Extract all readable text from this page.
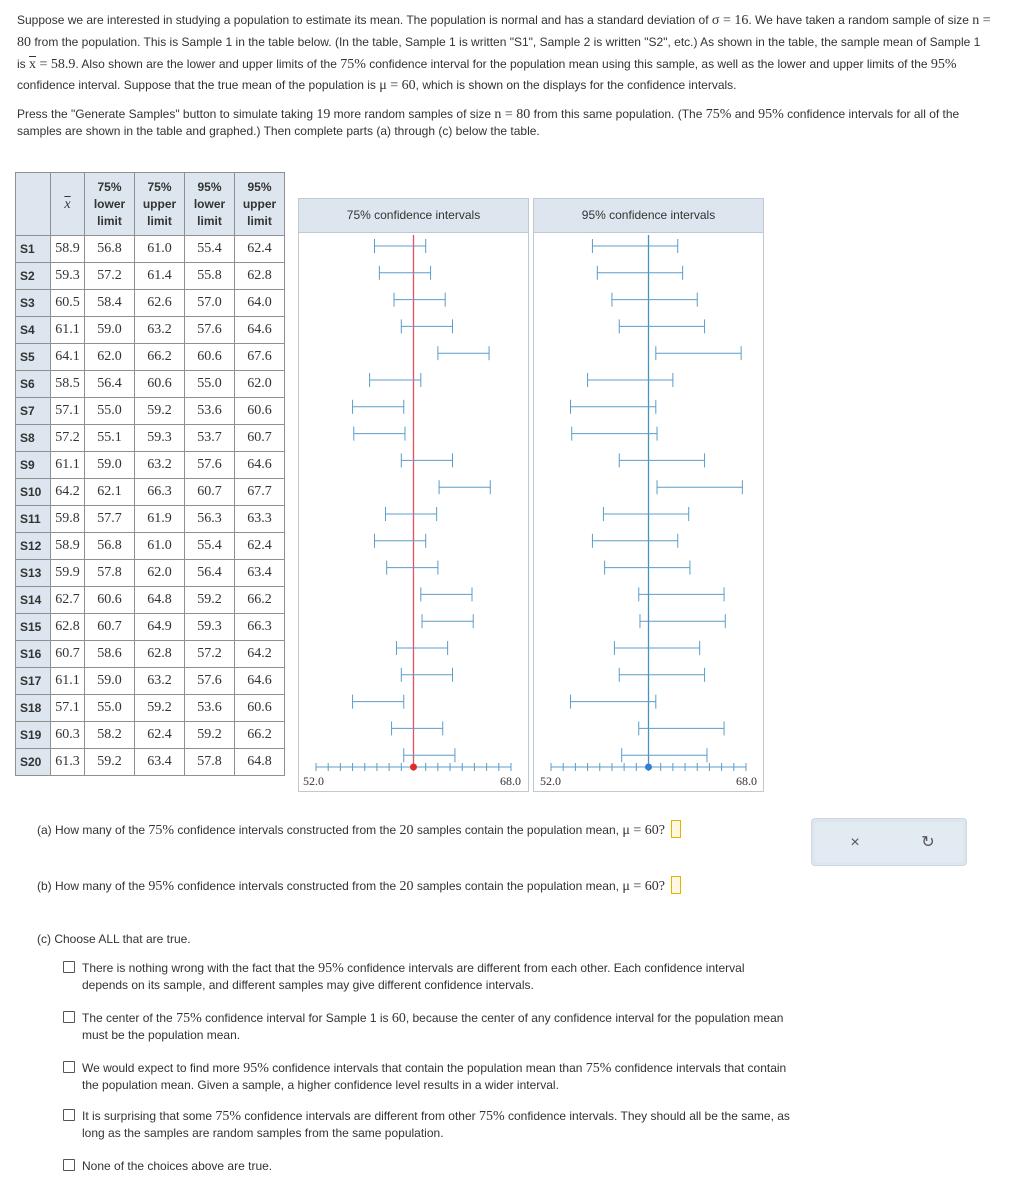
Suppose we are interested in studying a population to estimate its mean. The population is normal and has a standard deviation of σ = 16. We have taken a random sample of size n = 80 from the population. This is Sample 1 in the table below. (In the table, Sample 1 is written "S1", Sample 2 is written "S2", etc.) As shown in the table, the sample mean of Sample 1 is $\overline{x} = 58.9$. Also shown are the lower and upper limits of the 75% confidence interval for the population mean using this sample, as well as the lower and upper limits of the 95% confidence interval. Suppose that the true mean of the population is μ = 60, which is shown on the displays for the confidence intervals.

Press the "Generate Samples" button to simulate taking 19 more random samples of size n = 80 from this same population. (The 75% and 95% confidence intervals for all of the samples are shown in the table and graphed.) Then complete parts (a) through (c) below the table.

	$\overline{x}$	75%
lower
limit	75%
upper
limit	95%
lower
limit	95%
upper
limit
S1	58.9	56.8	61.0	55.4	62.4
S2	59.3	57.2	61.4	55.8	62.8
S3	60.5	58.4	62.6	57.0	64.0
S4	61.1	59.0	63.2	57.6	64.6
S5	64.1	62.0	66.2	60.6	67.6
S6	58.5	56.4	60.6	55.0	62.0
S7	57.1	55.0	59.2	53.6	60.6
S8	57.2	55.1	59.3	53.7	60.7
S9	61.1	59.0	63.2	57.6	64.6
S10	64.2	62.1	66.3	60.7	67.7
S11	59.8	57.7	61.9	56.3	63.3
S12	58.9	56.8	61.0	55.4	62.4
S13	59.9	57.8	62.0	56.4	63.4
S14	62.7	60.6	64.8	59.2	66.2
S15	62.8	60.7	64.9	59.3	66.3
S16	60.7	58.6	62.8	57.2	64.2
S17	61.1	59.0	63.2	57.6	64.6
S18	57.1	55.0	59.2	53.6	60.6
S19	60.3	58.2	62.4	59.2	66.2
S20	61.3	59.2	63.4	57.8	64.8
75% confidence intervals
52.0	68.0
95% confidence intervals
52.0	68.0
(a) How many of the 75% confidence intervals constructed from the 20 samples contain the population mean, μ = 60?
×	↻
(b) How many of the 95% confidence intervals constructed from the 20 samples contain the population mean, μ = 60?
(c) Choose ALL that are true.
There is nothing wrong with the fact that the 95% confidence intervals are different from each other. Each confidence interval depends on its sample, and different samples may give different confidence intervals.
The center of the 75% confidence interval for Sample 1 is 60, because the center of any confidence interval for the population mean must be the population mean.
We would expect to find more 95% confidence intervals that contain the population mean than 75% confidence intervals that contain the population mean. Given a sample, a higher confidence level results in a wider interval.
It is surprising that some 75% confidence intervals are different from other 75% confidence intervals. They should all be the same, as long as the samples are random samples from the same population.
None of the choices above are true.
